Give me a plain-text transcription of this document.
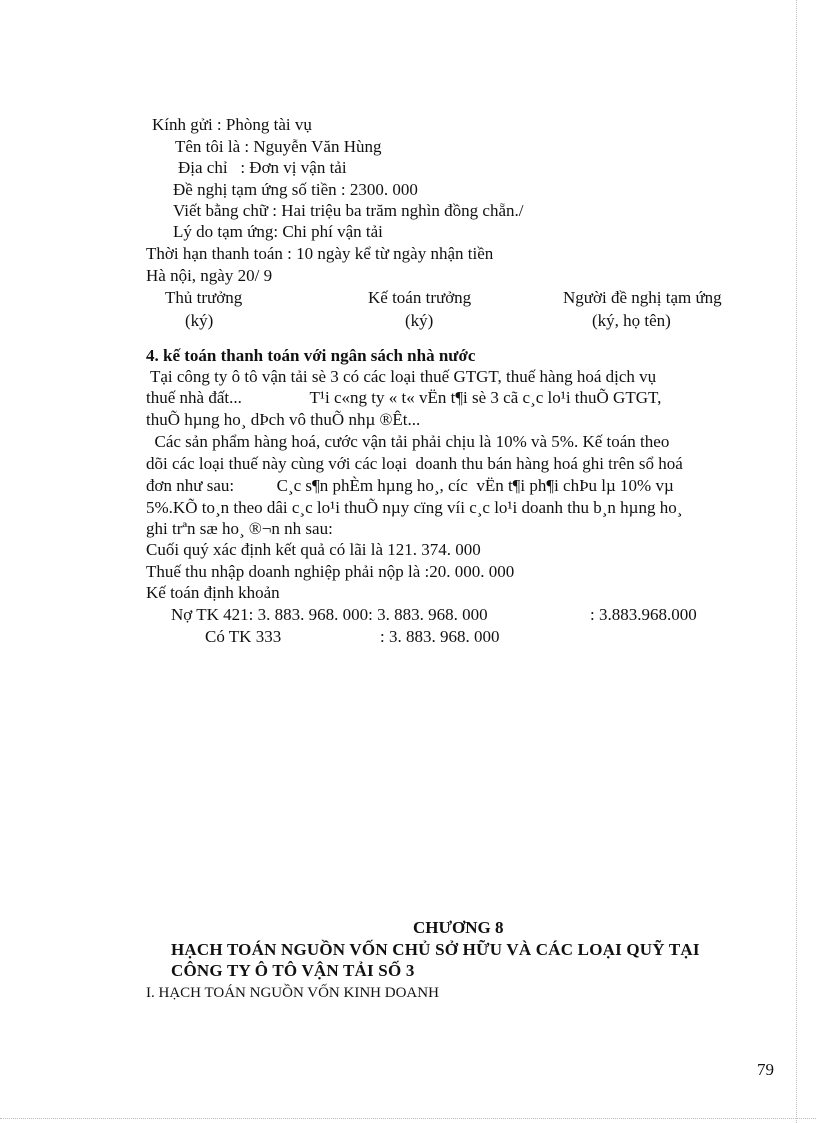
Kính gửi : Phòng tài vụ
Tên tôi là : Nguyễn Văn Hùng
Địa chỉ   : Đơn vị vận tải
Đề nghị tạm ứng số tiền : 2300. 000
Viết bằng chữ : Hai triệu ba trăm nghìn đồng chẵn./
Lý do tạm ứng: Chi phí vận tải
Thời hạn thanh toán : 10 ngày kể từ ngày nhận tiền
Hà nội, ngày 20/ 9
Thủ trưởng	Kế toán trưởng	Người đề nghị tạm ứng
(ký)	(ký)	(ký, họ tên)
4. kế toán thanh toán với ngân sách nhà nước
Tại công ty ô tô vận tải sè 3 có các loại thuế GTGT, thuế hàng hoá dịch vụ
thuế nhà đất...                T¹i c«ng ty « t« vËn t¶i sè 3 cã c¸c lo¹i thuÕ GTGT,
thuÕ hµng ho¸ dÞch vô thuÕ nhµ ®Êt...
Các sản phẩm hàng hoá, cước vận tải phải chịu là 10% và 5%. Kế toán theo
dõi các loại thuế này cùng với các loại  doanh thu bán hàng hoá ghi trên sổ hoá
đơn như sau:          C¸c s¶n phÈm hµng ho¸, cíc  vËn t¶i ph¶i chÞu lµ 10% vµ
5%.KÕ to¸n theo dâi c¸c lo¹i thuÕ nµy cïng víi c¸c lo¹i doanh thu b¸n hµng ho¸
ghi trªn sæ ho¸ ®¬n nh sau:
Cuối quý xác định kết quả có lãi là 121. 374. 000
Thuế thu nhập doanh nghiệp phải nộp là :20. 000. 000
Kế toán định khoản
Nợ TK 421: 3. 883. 968. 000: 3. 883. 968. 000	: 3.883.968.000
Có TK 333	: 3. 883. 968. 000
CHƯƠNG 8
HẠCH TOÁN NGUỒN VỐN CHỦ SỞ HỮU VÀ CÁC LOẠI QUỸ TẠI
CÔNG TY Ô TÔ VẬN TẢI SỐ 3
I. HẠCH TOÁN NGUỒN VỐN KINH DOANH
79
